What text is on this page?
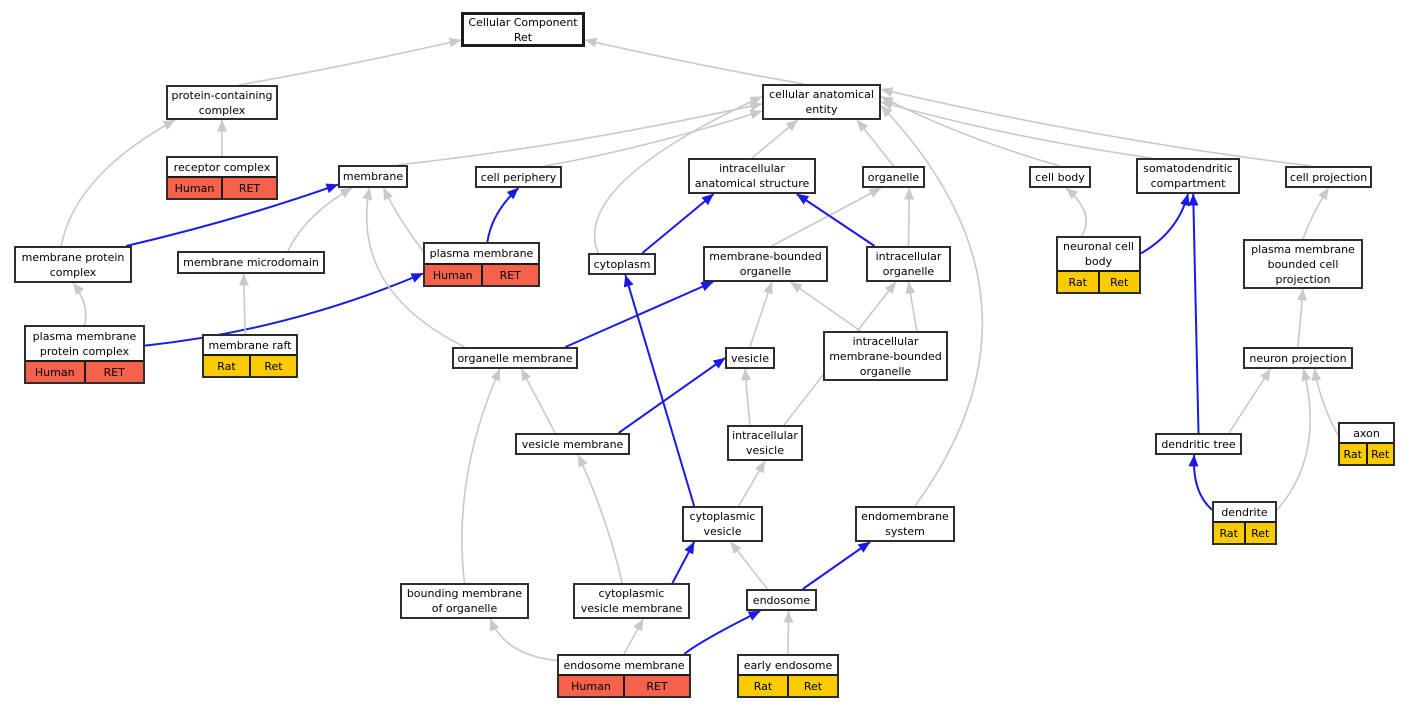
Cellular Component
Ret
protein-containing
complex
receptor complex
Human	RET
membrane protein
complex
plasma membrane
protein complex
Human	RET
membrane microdomain
membrane raft
Rat	Ret
membrane	cell periphery
plasma membrane
Human	RET
cellular anatomical
entity
intracellular
anatomical structure	organelle
cytoplasm
membrane-bounded
organelle
intracellular
organelle
intracellular
membrane-bounded
organelle
organelle membrane	vesicle
vesicle membrane
intracellular
vesicle
cytoplasmic
vesicle
endomembrane
system
bounding membrane
of organelle
cytoplasmic
vesicle membrane
endosome
endosome membrane
Human	RET
early endosome
Rat	Ret
cell body
somatodendritic
compartment	cell projection
neuronal cell
body
Rat	Ret
plasma membrane
bounded cell
projection
neuron projection
dendritic tree
axon
Rat Ret
dendrite
Rat	Ret
